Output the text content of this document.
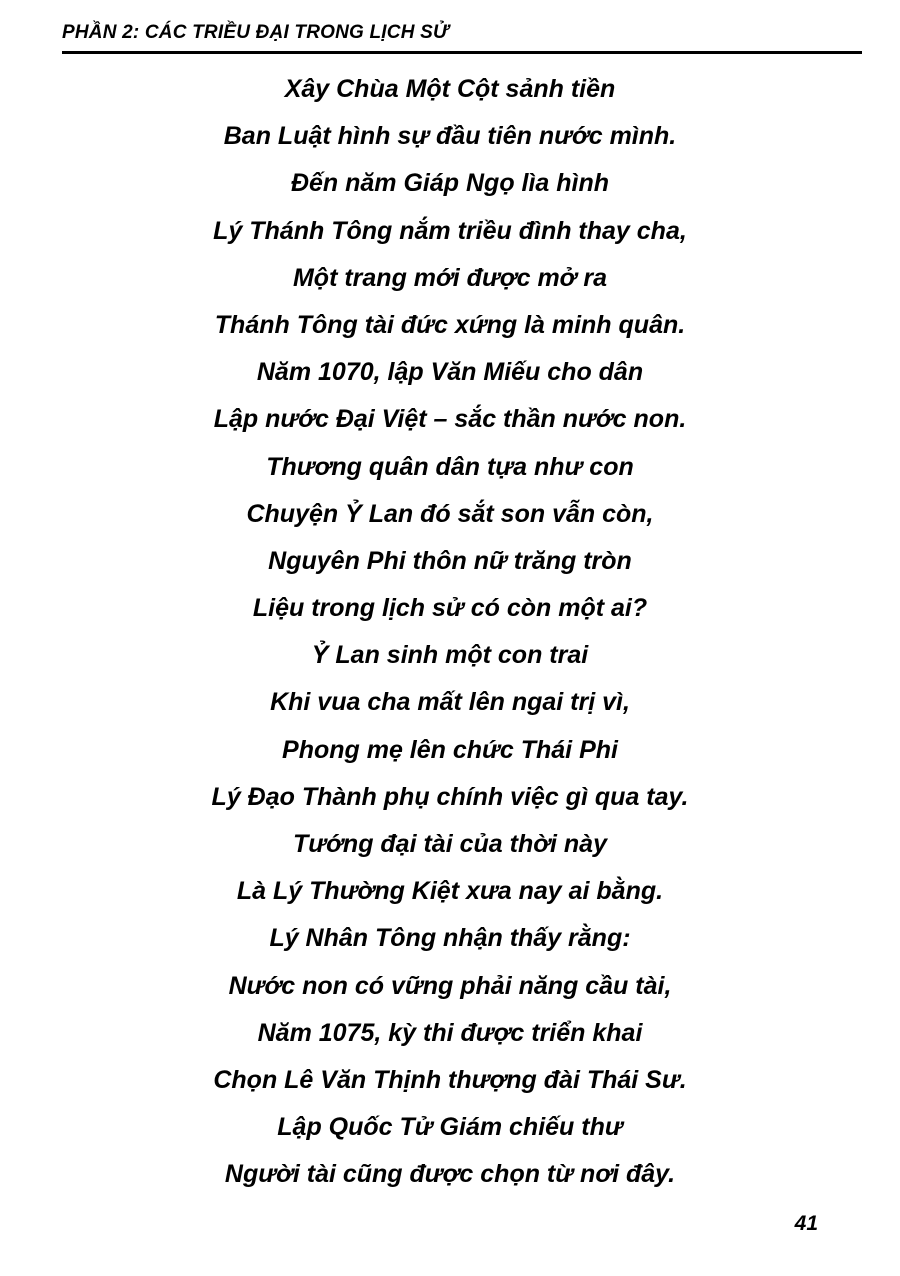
PHẦN 2: CÁC TRIỀU ĐẠI TRONG LỊCH SỬ
Xây Chùa Một Cột sảnh tiền
Ban Luật hình sự đầu tiên nước mình.
Đến năm Giáp Ngọ lìa hình
Lý Thánh Tông nắm triều đình thay cha,
Một trang mới được mở ra
Thánh Tông tài đức xứng là minh quân.
Năm 1070, lập Văn Miếu cho dân
Lập nước Đại Việt – sắc thần nước non.
Thương quân dân tựa như con
Chuyện Ỷ Lan đó sắt son vẫn còn,
Nguyên Phi thôn nữ trăng tròn
Liệu trong lịch sử có còn một ai?
Ỷ Lan sinh một con trai
Khi vua cha mất lên ngai trị vì,
Phong mẹ lên chức Thái Phi
Lý Đạo Thành phụ chính việc gì qua tay.
Tướng đại tài của thời này
Là Lý Thường Kiệt xưa nay ai bằng.
Lý Nhân Tông nhận thấy rằng:
Nước non có vững phải năng cầu tài,
Năm 1075, kỳ thi được triển khai
Chọn Lê Văn Thịnh thượng đài Thái Sư.
Lập Quốc Tử Giám chiếu thư
Người tài cũng được chọn từ nơi đây.
41
